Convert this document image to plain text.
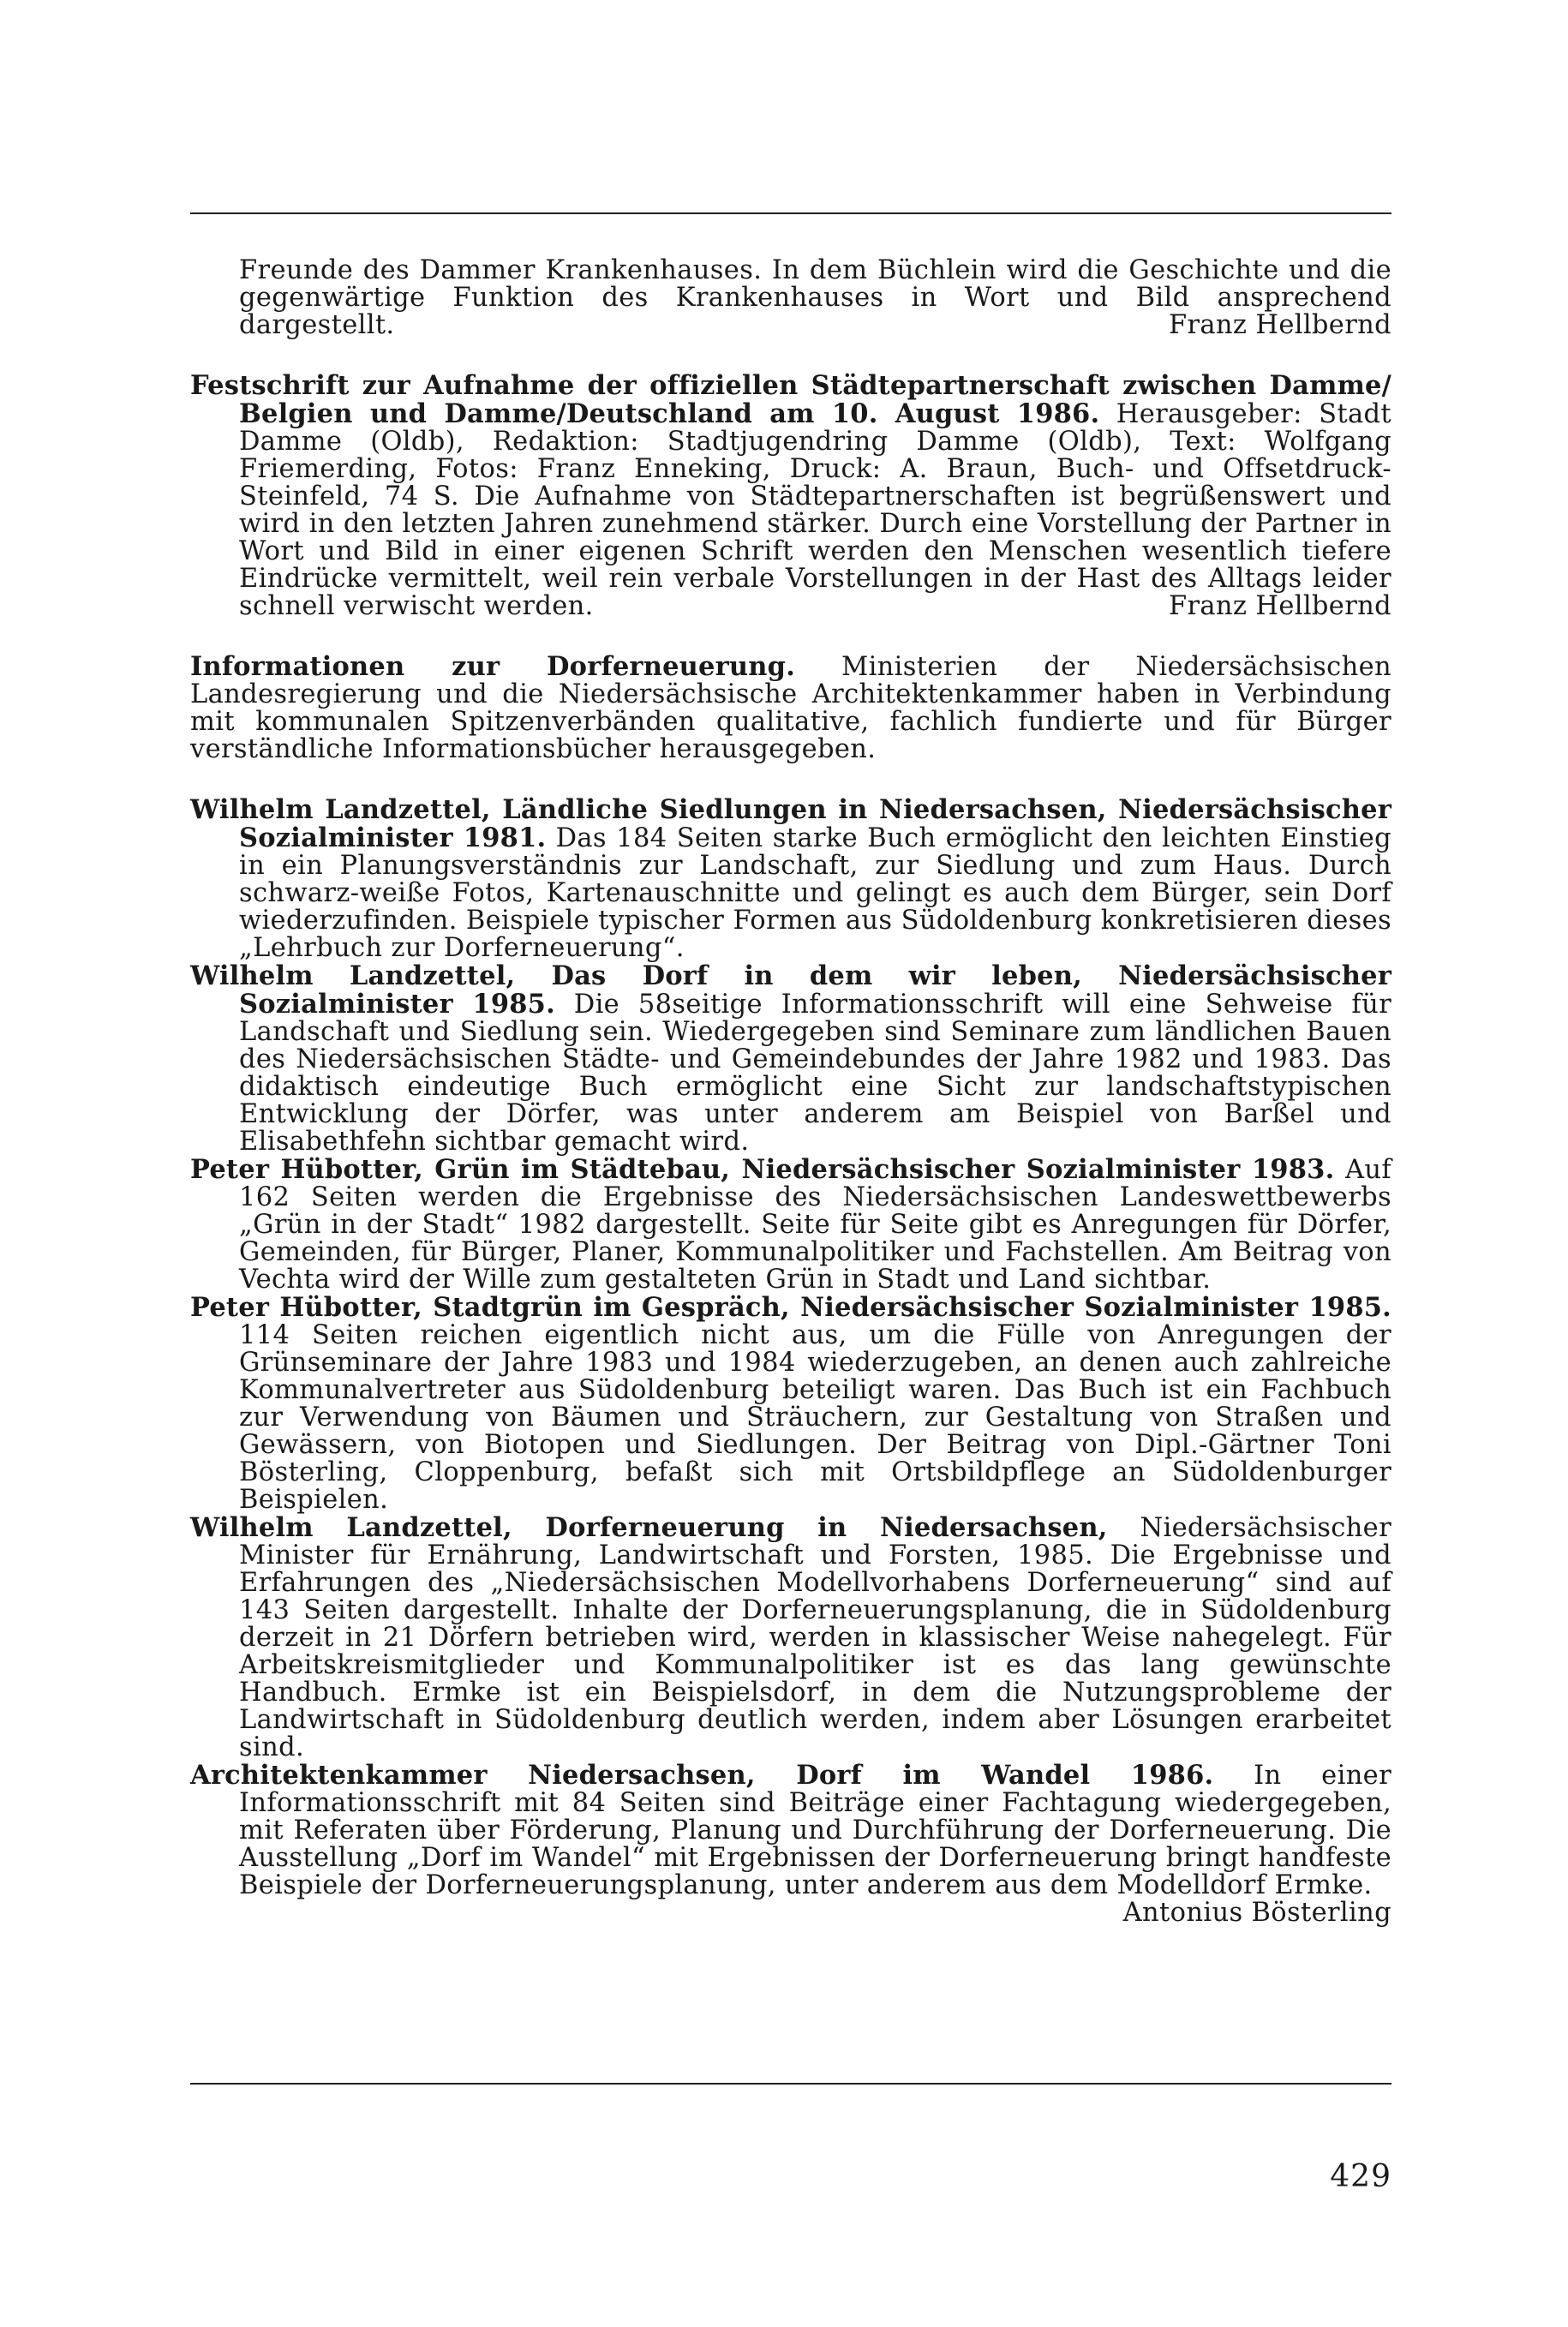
Freunde des Dammer Krankenhauses. In dem Büchlein wird die Geschichte und die gegenwärtige Funktion des Krankenhauses in Wort und Bild ansprechend dargestellt.	Franz Hellbernd
Festschrift zur Aufnahme der offiziellen Städtepartnerschaft zwischen Damme/ Belgien und Damme/Deutschland am 10. August 1986. Herausgeber: Stadt Damme (Oldb), Redaktion: Stadtjugendring Damme (Oldb), Text: Wolfgang Friemerding, Fotos: Franz Enneking, Druck: A. Braun, Buch- und Offsetdruck-Steinfeld, 74 S. Die Aufnahme von Städtepartnerschaften ist begrüßenswert und wird in den letzten Jahren zunehmend stärker. Durch eine Vorstellung der Partner in Wort und Bild in einer eigenen Schrift werden den Menschen wesentlich tiefere Eindrücke vermittelt, weil rein verbale Vorstellungen in der Hast des Alltags leider schnell verwischt werden.	Franz Hellbernd
Informationen zur Dorferneuerung. Ministerien der Niedersächsischen Landesregierung und die Niedersächsische Architektenkammer haben in Verbindung mit kommunalen Spitzenverbänden qualitative, fachlich fundierte und für Bürger verständliche Informationsbücher herausgegeben.
Wilhelm Landzettel, Ländliche Siedlungen in Niedersachsen, Niedersächsischer Sozialminister 1981. Das 184 Seiten starke Buch ermöglicht den leichten Einstieg in ein Planungsverständnis zur Landschaft, zur Siedlung und zum Haus. Durch schwarz-weiße Fotos, Kartenauschnitte und gelingt es auch dem Bürger, sein Dorf wiederzufinden. Beispiele typischer Formen aus Südoldenburg konkretisieren dieses „Lehrbuch zur Dorferneuerung“.
Wilhelm Landzettel, Das Dorf in dem wir leben, Niedersächsischer Sozialminister 1985. Die 58seitige Informationsschrift will eine Sehweise für Landschaft und Siedlung sein. Wiedergegeben sind Seminare zum ländlichen Bauen des Niedersächsischen Städte- und Gemeindebundes der Jahre 1982 und 1983. Das didaktisch eindeutige Buch ermöglicht eine Sicht zur landschaftstypischen Entwicklung der Dörfer, was unter anderem am Beispiel von Barßel und Elisabethfehn sichtbar gemacht wird.
Peter Hübotter, Grün im Städtebau, Niedersächsischer Sozialminister 1983. Auf 162 Seiten werden die Ergebnisse des Niedersächsischen Landeswettbewerbs „Grün in der Stadt“ 1982 dargestellt. Seite für Seite gibt es Anregungen für Dörfer, Gemeinden, für Bürger, Planer, Kommunalpolitiker und Fachstellen. Am Beitrag von Vechta wird der Wille zum gestalteten Grün in Stadt und Land sichtbar.
Peter Hübotter, Stadtgrün im Gespräch, Niedersächsischer Sozialminister 1985. 114 Seiten reichen eigentlich nicht aus, um die Fülle von Anregungen der Grünseminare der Jahre 1983 und 1984 wiederzugeben, an denen auch zahlreiche Kommunalvertreter aus Südoldenburg beteiligt waren. Das Buch ist ein Fachbuch zur Verwendung von Bäumen und Sträuchern, zur Gestaltung von Straßen und Gewässern, von Biotopen und Siedlungen. Der Beitrag von Dipl.-Gärtner Toni Bösterling, Cloppenburg, befaßt sich mit Ortsbildpflege an Südoldenburger Beispielen.
Wilhelm Landzettel, Dorferneuerung in Niedersachsen, Niedersächsischer Minister für Ernährung, Landwirtschaft und Forsten, 1985. Die Ergebnisse und Erfahrungen des „Niedersächsischen Modellvorhabens Dorferneuerung“ sind auf 143 Seiten dargestellt. Inhalte der Dorferneuerungsplanung, die in Südoldenburg derzeit in 21 Dörfern betrieben wird, werden in klassischer Weise nahegelegt. Für Arbeitskreismitglieder und Kommunalpolitiker ist es das lang gewünschte Handbuch. Ermke ist ein Beispielsdorf, in dem die Nutzungsprobleme der Landwirtschaft in Südoldenburg deutlich werden, indem aber Lösungen erarbeitet sind.
Architektenkammer Niedersachsen, Dorf im Wandel 1986. In einer Informationsschrift mit 84 Seiten sind Beiträge einer Fachtagung wiedergegeben, mit Referaten über Förderung, Planung und Durchführung der Dorferneuerung. Die Ausstellung „Dorf im Wandel“ mit Ergebnissen der Dorferneuerung bringt handfeste Beispiele der Dorferneuerungsplanung, unter anderem aus dem Modelldorf Ermke.
Antonius Bösterling
429
